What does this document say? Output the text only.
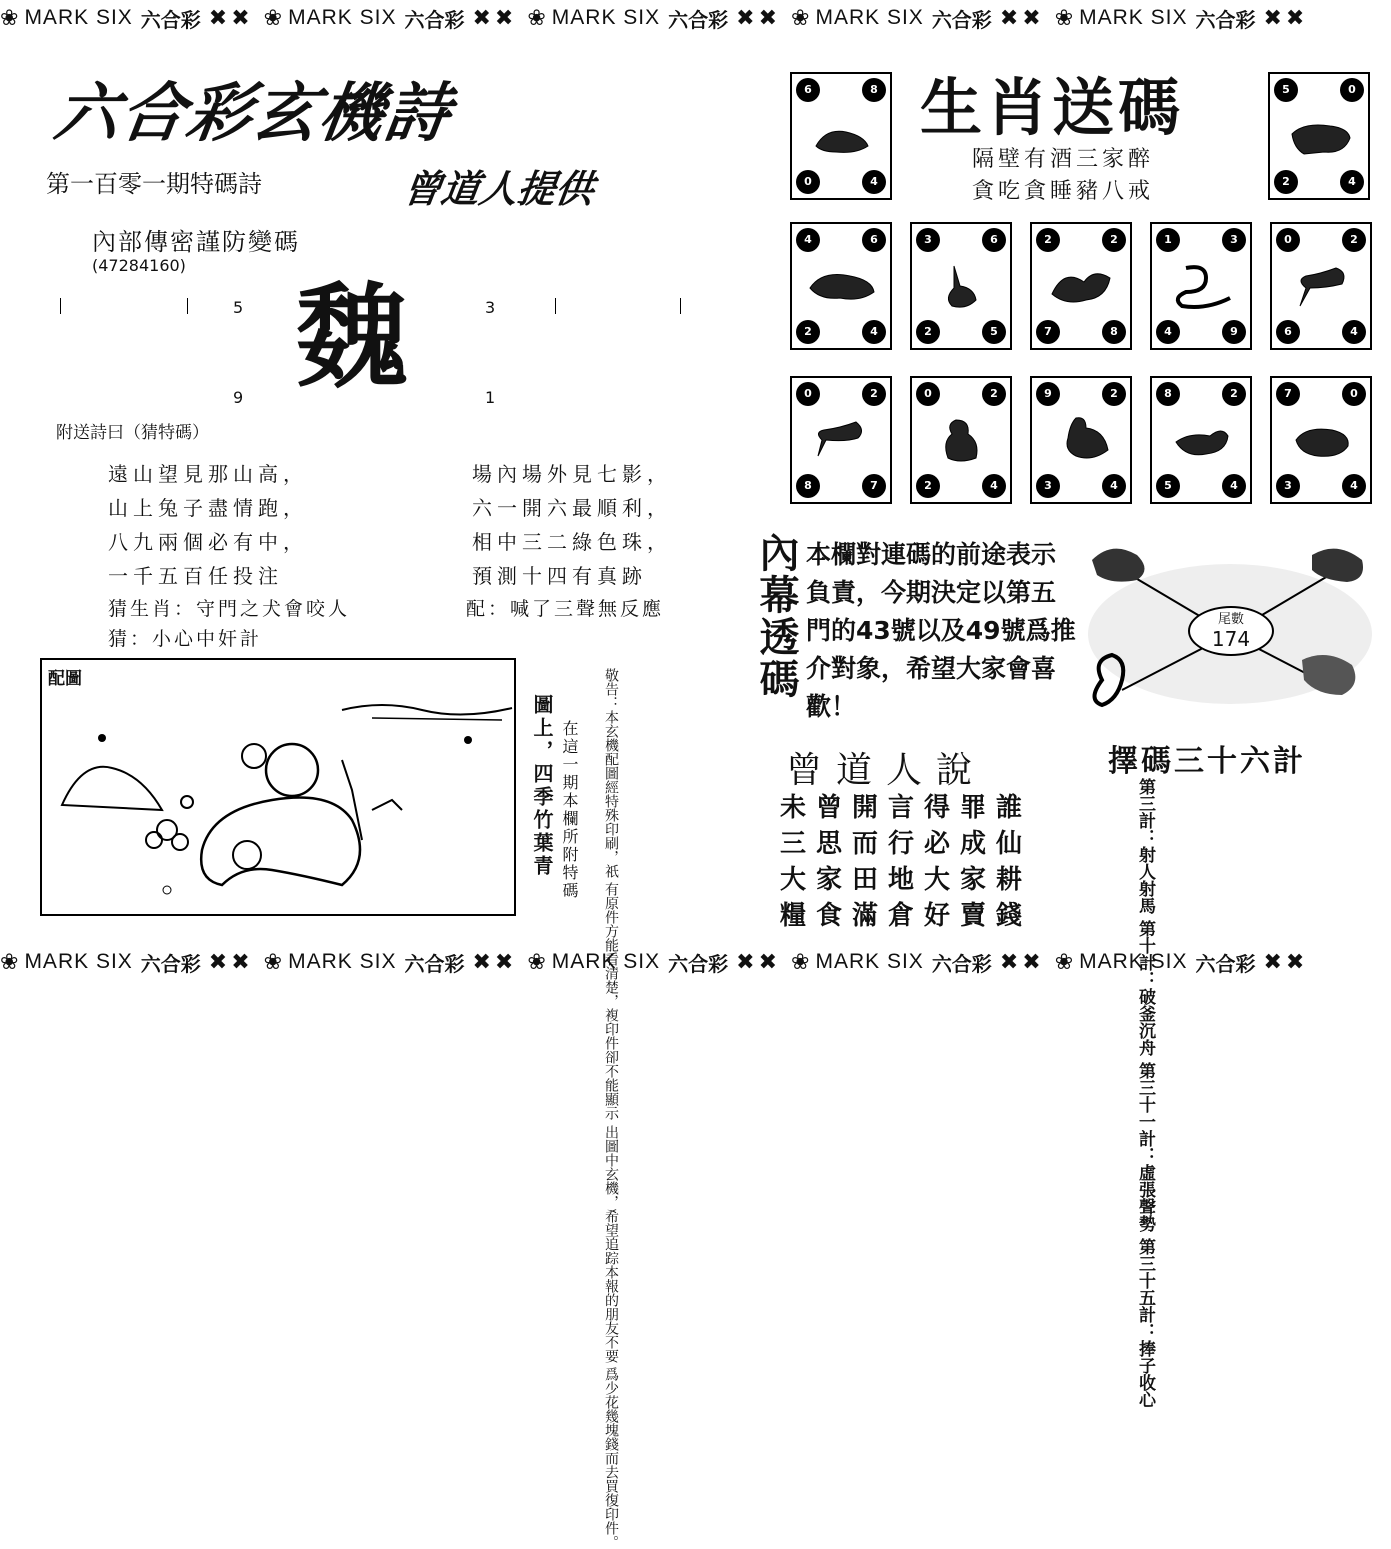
❀ MARK SIX 六合彩 ✖ ✖ ❀ MARK SIX 六合彩 ✖ ✖ ❀ MARK SIX 六合彩 ✖ ✖ ❀ MARK SIX 六合彩 ✖ ✖ ❀ MARK SIX 六合彩 ✖ ✖
❀ MARK SIX 六合彩 ✖ ✖ ❀ MARK SIX 六合彩 ✖ ✖ ❀ MARK SIX 六合彩 ✖ ✖ ❀ MARK SIX 六合彩 ✖ ✖ ❀ MARK SIX 六合彩 ✖ ✖
六合彩玄機詩
第一百零一期特碼詩	曾道人提供
內部傳密謹防變碼
(47284160)
5	3
9	1
魏
附送詩曰（猜特碼）
遠山望見那山高，
山上兔子盡情跑，
八九兩個必有中，
一千五百任投注
場內場外見七影，
六一開六最順利，
相中三二綠色珠，
預測十四有真跡
猜生肖：守門之犬會咬人	配：喊了三聲無反應
猜：小心中奸計
配圖
在這一期本欄所附特碼
圖上，四季竹葉青	敬告：本玄機配圖經特殊印刷，祇 有原件方能看清楚，複印件卻不能顯示 出圖中玄機，希望追踪本報的朋友不要 爲少花幾塊錢而去買復印件。
生肖送碼
隔壁有酒三家醉
貪吃貪睡豬八戒
6	8
0	4
5	0
2	4
4	6
2	4
3	6
2	5
2	2
7	8
1	3
4	9
0	2
6	4
0	2
8	7
0	2
2	4
9	2
3	4
8	2
5	4
7	0
3	4
內幕透碼 本欄對連碼的前途表示
負責，今期決定以第五
門的43號以及49號爲推
介對象，希望大家會喜
歡！
尾數
174
曾道人說
未曾開言得罪誰
三思而行必成仙
大家田地大家耕
糧食滿倉好賣錢
擇碼三十六計
第三計：射人射馬 第十計：破釜沉舟 第三十一計：虛張聲勢 第三十五計：捧子收心
